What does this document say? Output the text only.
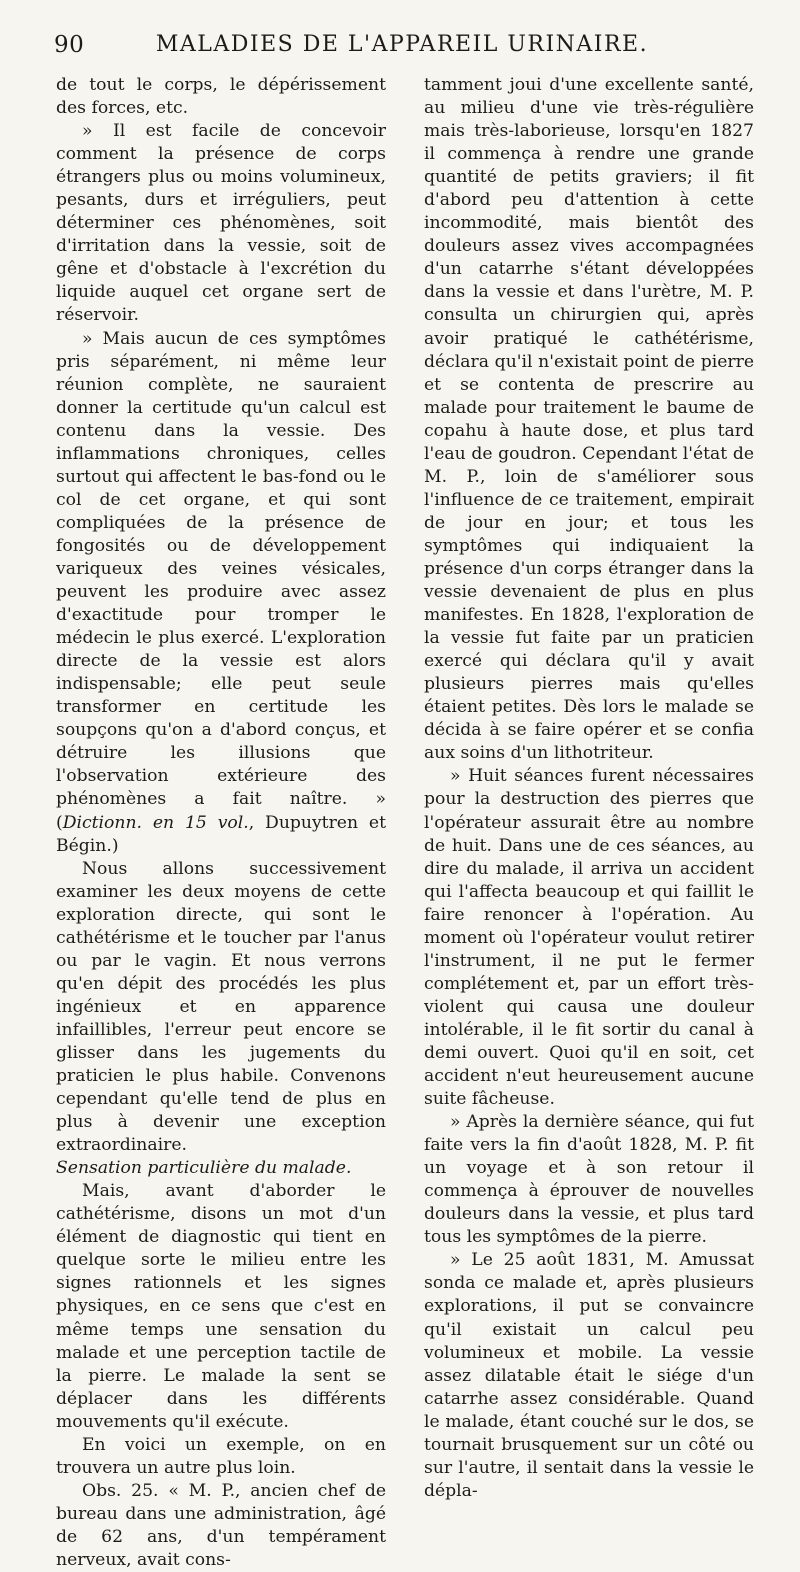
90	MALADIES DE L'APPAREIL URINAIRE.

de tout le corps, le dépérissement des forces, etc.

» Il est facile de concevoir comment la présence de corps étrangers plus ou moins volumineux, pesants, durs et irréguliers, peut déterminer ces phénomènes, soit d'irritation dans la vessie, soit de gêne et d'obstacle à l'excrétion du liquide auquel cet organe sert de réservoir.

» Mais aucun de ces symptômes pris séparément, ni même leur réunion complète, ne sauraient donner la certitude qu'un calcul est contenu dans la vessie. Des inflammations chroniques, celles surtout qui affectent le bas-fond ou le col de cet organe, et qui sont compliquées de la présence de fongosités ou de développement variqueux des veines vésicales, peuvent les produire avec assez d'exactitude pour tromper le médecin le plus exercé. L'exploration directe de la vessie est alors indispensable; elle peut seule transformer en certitude les soupçons qu'on a d'abord conçus, et détruire les illusions que l'observation extérieure des phénomènes a fait naître. » (Dictionn. en 15 vol., Dupuytren et Bégin.)

Nous allons successivement examiner les deux moyens de cette exploration directe, qui sont le cathétérisme et le toucher par l'anus ou par le vagin. Et nous verrons qu'en dépit des procédés les plus ingénieux et en apparence infaillibles, l'erreur peut encore se glisser dans les jugements du praticien le plus habile. Convenons cependant qu'elle tend de plus en plus à devenir une exception extraordinaire.

Sensation particulière du malade.

Mais, avant d'aborder le cathétérisme, disons un mot d'un élément de diagnostic qui tient en quelque sorte le milieu entre les signes rationnels et les signes physiques, en ce sens que c'est en même temps une sensation du malade et une perception tactile de la pierre. Le malade la sent se déplacer dans les différents mouvements qu'il exécute.

En voici un exemple, on en trouvera un autre plus loin.

Obs. 25. « M. P., ancien chef de bureau dans une administration, âgé de 62 ans, d'un tempérament nerveux, avait cons-

tamment joui d'une excellente santé, au milieu d'une vie très-régulière mais très-laborieuse, lorsqu'en 1827 il commença à rendre une grande quantité de petits graviers; il fit d'abord peu d'attention à cette incommodité, mais bientôt des douleurs assez vives accompagnées d'un catarrhe s'étant développées dans la vessie et dans l'urètre, M. P. consulta un chirurgien qui, après avoir pratiqué le cathétérisme, déclara qu'il n'existait point de pierre et se contenta de prescrire au malade pour traitement le baume de copahu à haute dose, et plus tard l'eau de goudron. Cependant l'état de M. P., loin de s'améliorer sous l'influence de ce traitement, empirait de jour en jour; et tous les symptômes qui indiquaient la présence d'un corps étranger dans la vessie devenaient de plus en plus manifestes. En 1828, l'exploration de la vessie fut faite par un praticien exercé qui déclara qu'il y avait plusieurs pierres mais qu'elles étaient petites. Dès lors le malade se décida à se faire opérer et se confia aux soins d'un lithotriteur.

» Huit séances furent nécessaires pour la destruction des pierres que l'opérateur assurait être au nombre de huit. Dans une de ces séances, au dire du malade, il arriva un accident qui l'affecta beaucoup et qui faillit le faire renoncer à l'opération. Au moment où l'opérateur voulut retirer l'instrument, il ne put le fermer complétement et, par un effort très-violent qui causa une douleur intolérable, il le fit sortir du canal à demi ouvert. Quoi qu'il en soit, cet accident n'eut heureusement aucune suite fâcheuse.

» Après la dernière séance, qui fut faite vers la fin d'août 1828, M. P. fit un voyage et à son retour il commença à éprouver de nouvelles douleurs dans la vessie, et plus tard tous les symptômes de la pierre.

» Le 25 août 1831, M. Amussat sonda ce malade et, après plusieurs explorations, il put se convaincre qu'il existait un calcul peu volumineux et mobile. La vessie assez dilatable était le siége d'un catarrhe assez considérable. Quand le malade, étant couché sur le dos, se tournait brusquement sur un côté ou sur l'autre, il sentait dans la vessie le dépla-
